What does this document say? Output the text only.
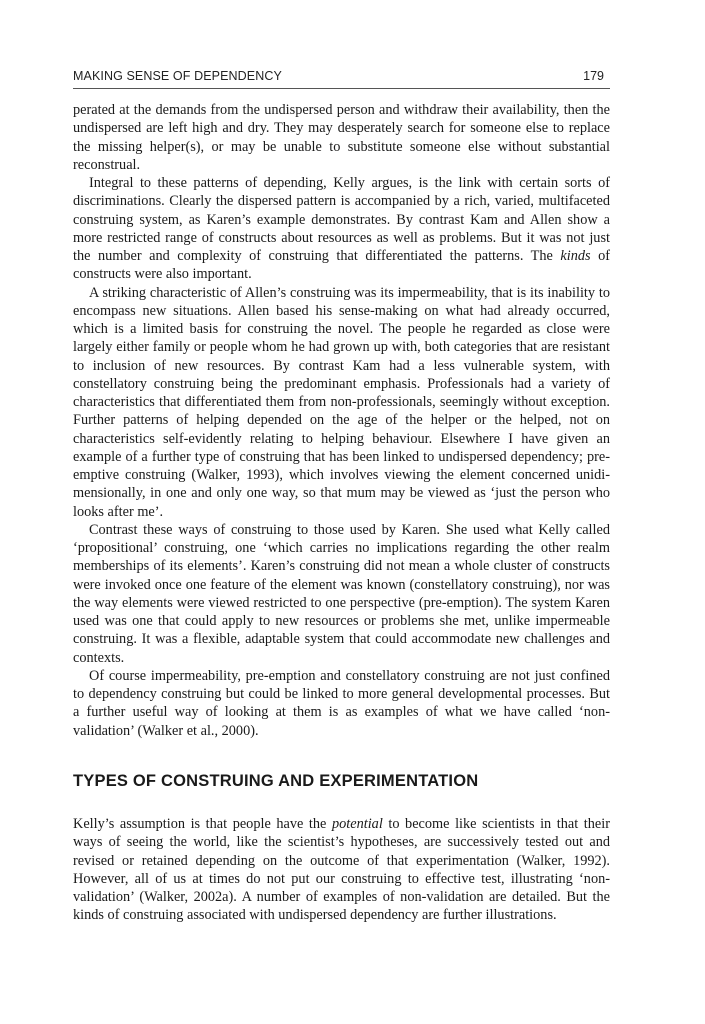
MAKING SENSE OF DEPENDENCY	179

perated at the demands from the undispersed person and withdraw their availability, then the undispersed are left high and dry. They may desperately search for someone else to replace the missing helper(s), or may be unable to substitute someone else without substantial reconstrual.

Integral to these patterns of depending, Kelly argues, is the link with certain sorts of discriminations. Clearly the dispersed pattern is accompanied by a rich, varied, multifaceted construing system, as Karen’s example demonstrates. By contrast Kam and Allen show a more restricted range of constructs about resources as well as problems. But it was not just the number and complexity of construing that differentiated the patterns. The kinds of constructs were also important.

A striking characteristic of Allen’s construing was its impermeability, that is its inability to encompass new situations. Allen based his sense-making on what had already occurred, which is a limited basis for construing the novel. The people he regarded as close were largely either family or people whom he had grown up with, both categories that are resistant to inclusion of new resources. By contrast Kam had a less vulnerable system, with constellatory construing being the predominant emphasis. Professionals had a variety of characteristics that differentiated them from non-professionals, seemingly without exception. Further patterns of helping depended on the age of the helper or the helped, not on characteristics self-evidently relating to helping behaviour. Elsewhere I have given an example of a further type of construing that has been linked to undispersed dependency; pre-emptive construing (Walker, 1993), which involves viewing the element concerned unidimensionally, in one and only one way, so that mum may be viewed as ‘just the person who looks after me’.

Contrast these ways of construing to those used by Karen. She used what Kelly called ‘propositional’ construing, one ‘which carries no implications regarding the other realm memberships of its elements’. Karen’s construing did not mean a whole cluster of constructs were invoked once one feature of the element was known (constellatory construing), nor was the way elements were viewed restricted to one perspective (pre-emption). The system Karen used was one that could apply to new resources or problems she met, unlike impermeable construing. It was a flexible, adaptable system that could accommodate new challenges and contexts.

Of course impermeability, pre-emption and constellatory construing are not just confined to dependency construing but could be linked to more general developmental processes. But a further useful way of looking at them is as examples of what we have called ‘non-validation’ (Walker et al., 2000).

TYPES OF CONSTRUING AND EXPERIMENTATION

Kelly’s assumption is that people have the potential to become like scientists in that their ways of seeing the world, like the scientist’s hypotheses, are successively tested out and revised or retained depending on the outcome of that experimentation (Walker, 1992). However, all of us at times do not put our construing to effective test, illustrating ‘non-validation’ (Walker, 2002a). A number of examples of non-validation are detailed. But the kinds of construing associated with undispersed dependency are further illustrations.
